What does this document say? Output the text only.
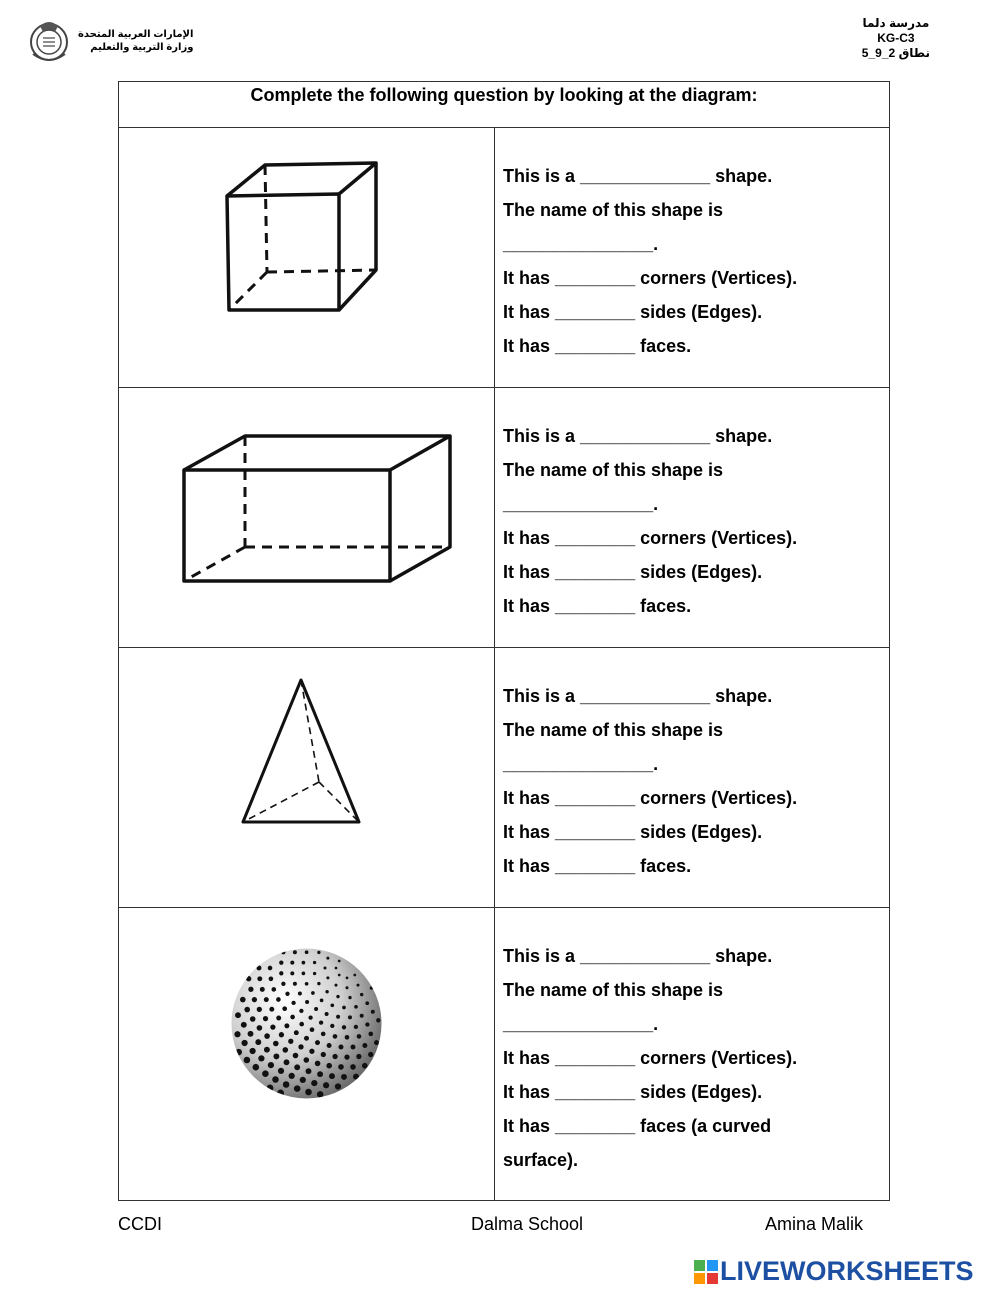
الإمارات العربية المتحدة
وزارة التربية والتعليم
مدرسة دلما
KG-C3
نطاق 2_9_5
Complete the following question by looking at the diagram:
This is a _____________ shape.
The name of this shape is
_______________.
It has ________ corners (Vertices).
It has ________ sides (Edges).
It has ________ faces.
This is a _____________ shape.
The name of this shape is
_______________.
It has ________ corners (Vertices).
It has ________ sides (Edges).
It has ________ faces.
This is a _____________ shape.
The name of this shape is
_______________.
It has ________ corners (Vertices).
It has ________ sides (Edges).
It has ________ faces.
This is a _____________ shape.
The name of this shape is
_______________.
It has ________ corners (Vertices).
It has ________ sides (Edges).
It has ________ faces (a curved
surface).
CCDI	Dalma School	Amina Malik
LIVEWORKSHEETS
